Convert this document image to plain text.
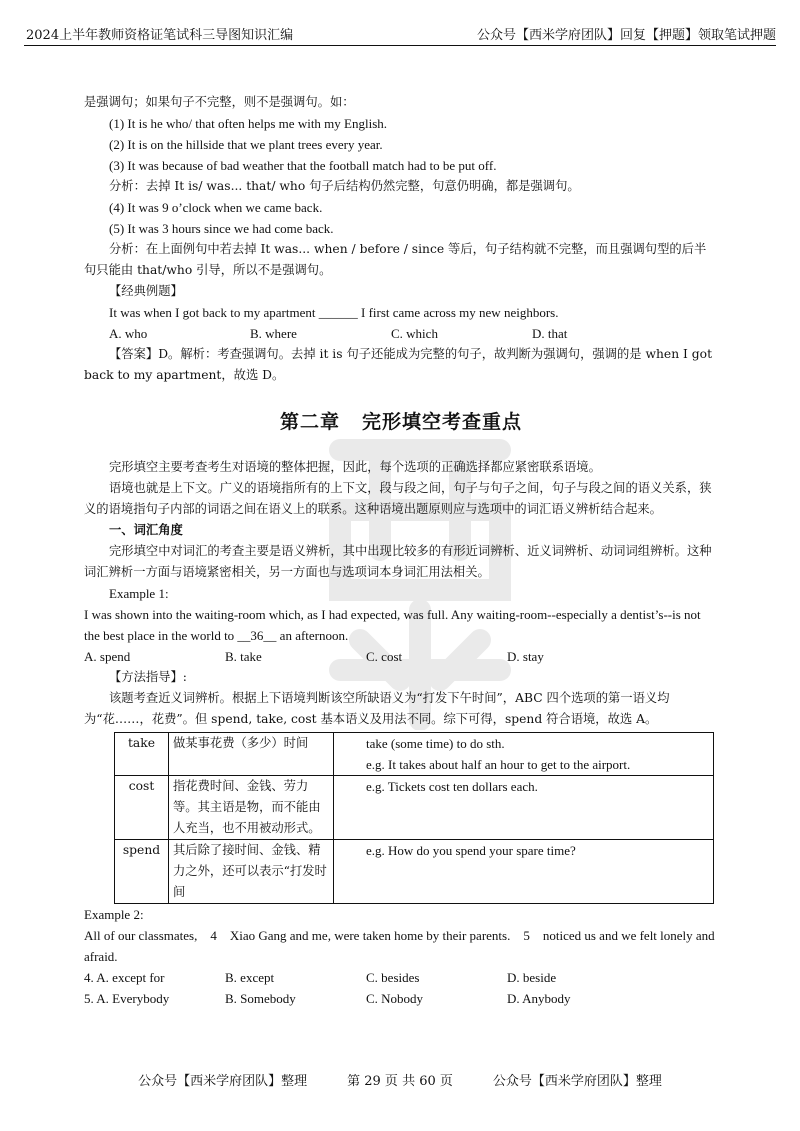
2024上半年教师资格证笔试科三导图知识汇编	公众号【西米学府团队】回复【押题】领取笔试押题

是强调句；如果句子不完整，则不是强调句。如：

(1) It is he who/ that often helps me with my English.

(2) It is on the hillside that we plant trees every year.

(3) It was because of bad weather that the football match had to be put off.

分析：去掉 It is/ was... that/ who 句子后结构仍然完整，句意仍明确，都是强调句。

(4) It was 9 o’clock when we came back.

(5) It was 3 hours since we had come back.

分析：在上面例句中若去掉 It was... when / before / since 等后，句子结构就不完整，而且强调句型的后半句只能由 that/who 引导，所以不是强调句。

【经典例题】

It was when I got back to my apartment ______ I first came across my new neighbors.

A. who	B. where	C. which	D. that

【答案】D。解析：考查强调句。去掉 it is 句子还能成为完整的句子，故判断为强调句，强调的是 when I got back to my apartment，故选 D。

第二章 完形填空考查重点

完形填空主要考查考生对语境的整体把握，因此，每个选项的正确选择都应紧密联系语境。

语境也就是上下文。广义的语境指所有的上下文，段与段之间，句子与句子之间，句子与段之间的语义关系，狭义的语境指句子内部的词语之间在语义上的联系。这种语境出题原则应与选项中的词汇语义辨析结合起来。

一、词汇角度

完形填空中对词汇的考查主要是语义辨析，其中出现比较多的有形近词辨析、近义词辨析、动词词组辨析。这种词汇辨析一方面与语境紧密相关，另一方面也与选项词本身词汇用法相关。

Example 1:

I was shown into the waiting-room which, as I had expected, was full. Any waiting-room--especially a dentist’s--is not the best place in the world to __36__ an afternoon.

A. spend	B. take	C. cost	D. stay

【方法指导】:

该题考查近义词辨析。根据上下语境判断该空所缺语义为“打发下午时间”，ABC 四个选项的第一语义均为“花……，花费”。但 spend, take, cost 基本语义及用法不同。综下可得，spend 符合语境，故选 A。

take	做某事花费（多少）时间	take (some time) to do sth.
e.g. It takes about half an hour to get to the airport.

cost	指花费时间、金钱、劳力等。其主语是物，而不能由人充当，也不用被动形式。	e.g. Tickets cost ten dollars each.

spend	其后除了接时间、金钱、精力之外，还可以表示“打发时间	e.g. How do you spend your spare time?

Example 2:

All of our classmates,    4    Xiao Gang and me, were taken home by their parents.    5    noticed us and we felt lonely and afraid.

4. A. except for	B. except	C. besides	D. beside
5. A. Everybody	B. Somebody	C. Nobody	D. Anybody
公众号【西米学府团队】整理	第 29 页 共 60 页	公众号【西米学府团队】整理
